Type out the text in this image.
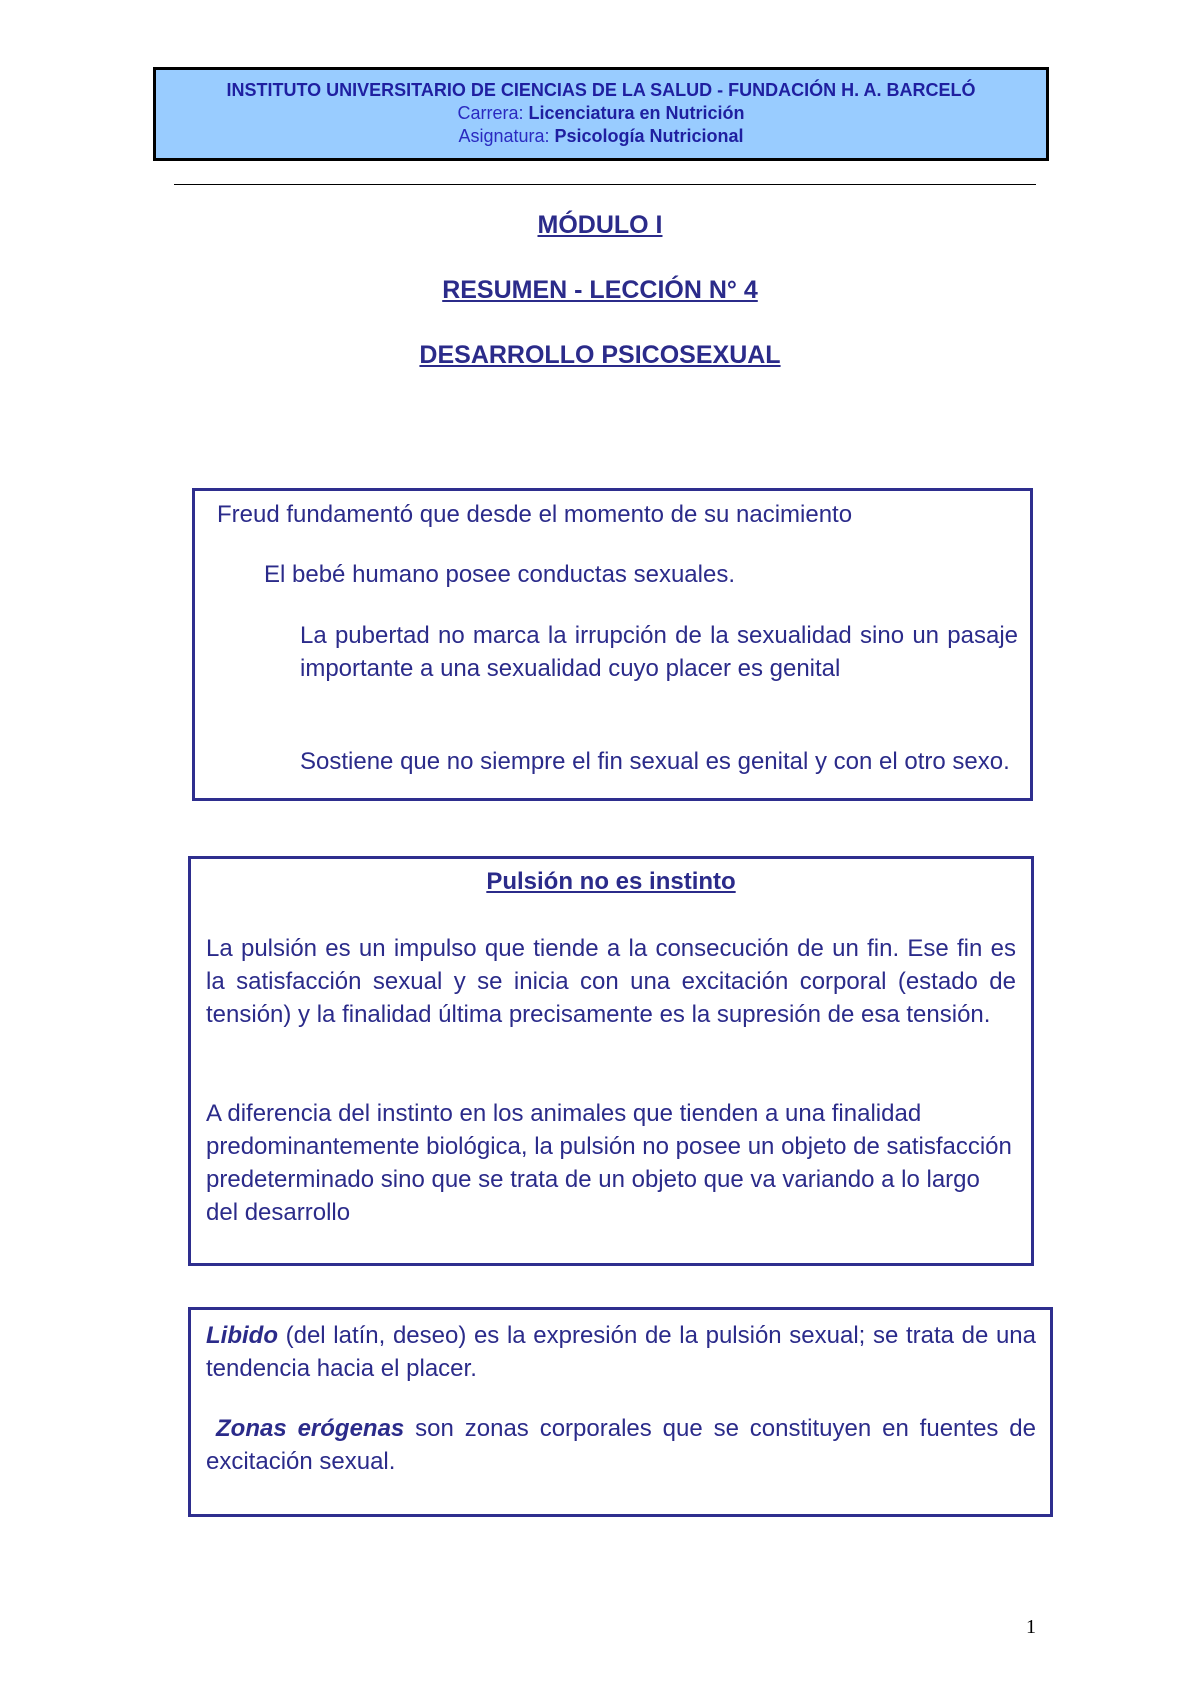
INSTITUTO UNIVERSITARIO DE CIENCIAS DE LA SALUD - FUNDACIÓN H. A. BARCELÓ
Carrera: Licenciatura en Nutrición
Asignatura: Psicología Nutricional
MÓDULO I
RESUMEN - LECCIÓN N° 4
DESARROLLO PSICOSEXUAL
Freud fundamentó que desde el momento de su nacimiento
El bebé humano posee conductas sexuales.
La pubertad no marca la irrupción de la sexualidad sino un pasaje importante a una sexualidad cuyo placer es genital
Sostiene que no siempre el fin sexual es genital y con el otro sexo.
Pulsión no es instinto
La pulsión es un impulso que tiende a la consecución de un fin. Ese fin es la satisfacción sexual y se inicia con una excitación corporal (estado de tensión) y la finalidad última precisamente es la supresión de esa tensión.
A diferencia del instinto en los animales que tienden a una finalidad predominantemente biológica, la pulsión no posee un objeto de satisfacción predeterminado sino que se trata de un objeto que va variando a lo largo del desarrollo
Libido (del latín, deseo) es la expresión de la pulsión sexual; se trata de una tendencia hacia el placer.
Zonas erógenas son zonas corporales que se constituyen en fuentes de excitación sexual.
1
